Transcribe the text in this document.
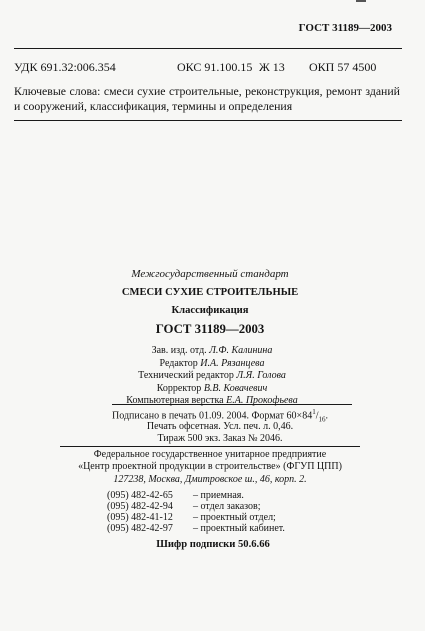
ГОСТ 31189—2003
УДК 691.32:006.354	ОКС 91.100.15 Ж 13 ОКП 57 4500
Ключевые слова: смеси сухие строительные, реконструкция, ремонт зданий и сооружений, классификация, термины и определения
Межгосударственный стандарт
СМЕСИ СУХИЕ СТРОИТЕЛЬНЫЕ
Классификация
ГОСТ 31189—2003
Зав. изд. отд. Л.Ф. Калинина
Редактор И.А. Рязанцева
Технический редактор Л.Я. Голова
Корректор В.В. Ковачевич
Компьютерная верстка Е.А. Прокофьева
Подписано в печать 01.09. 2004. Формат $60\times 84^1/_{16}$.
Печать офсетная. Усл. печ. л. 0,46.
Тираж 500 экз. Заказ № 2046.
Федеральное государственное унитарное предприятие
«Центр проектной продукции в строительстве» (ФГУП ЦПП)
127238, Москва, Дмитровское ш., 46, корп. 2.
(095) 482-42-65 – приемная.
(095) 482-42-94 – отдел заказов;
(095) 482-41-12 – проектный отдел;
(095) 482-42-97 – проектный кабинет.
Шифр подписки 50.6.66
